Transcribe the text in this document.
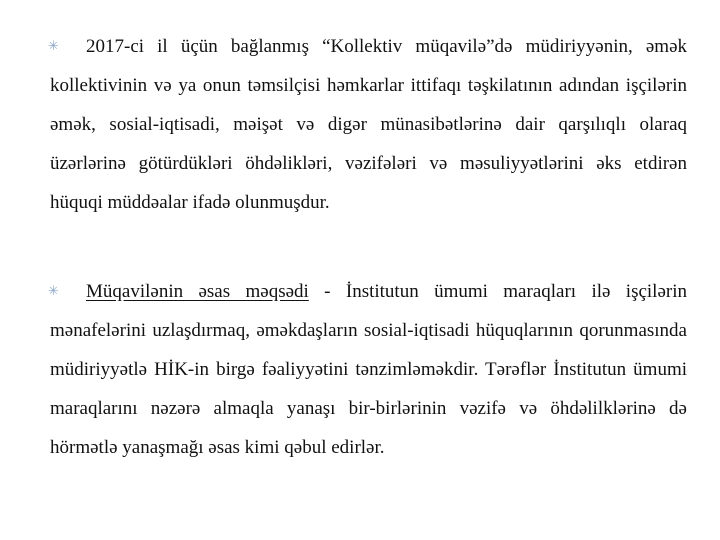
✳ 2017-ci il üçün bağlanmış “Kollektiv müqavilə”də müdiriyyənin, əmək kollektivinin və ya onun təmsilçisi həmkarlar ittifaqı təşkilatının adından işçilərin əmək, sosial-iqtisadi, məişət və digər münasibətlərinə dair qarşılıqlı olaraq üzərlərinə götürdükləri öhdəlikləri, vəzifələri və məsuliyyətlərini əks etdirən hüquqi müddəalar ifadə olunmuşdur.

✳ Müqavilənin əsas məqsədi - İnstitutun ümumi maraqları ilə işçilərin mənafelərini uzlaşdırmaq, əməkdaşların sosial-iqtisadi hüquqlarının qorunmasında müdiriyyətlə HİK-in birgə fəaliyyətini tənzimləməkdir. Tərəflər İnstitutun ümumi maraqlarını nəzərə almaqla yanaşı bir-birlərinin vəzifə və öhdəlilklərinə də hörmətlə yanaşmağı əsas kimi qəbul edirlər.
